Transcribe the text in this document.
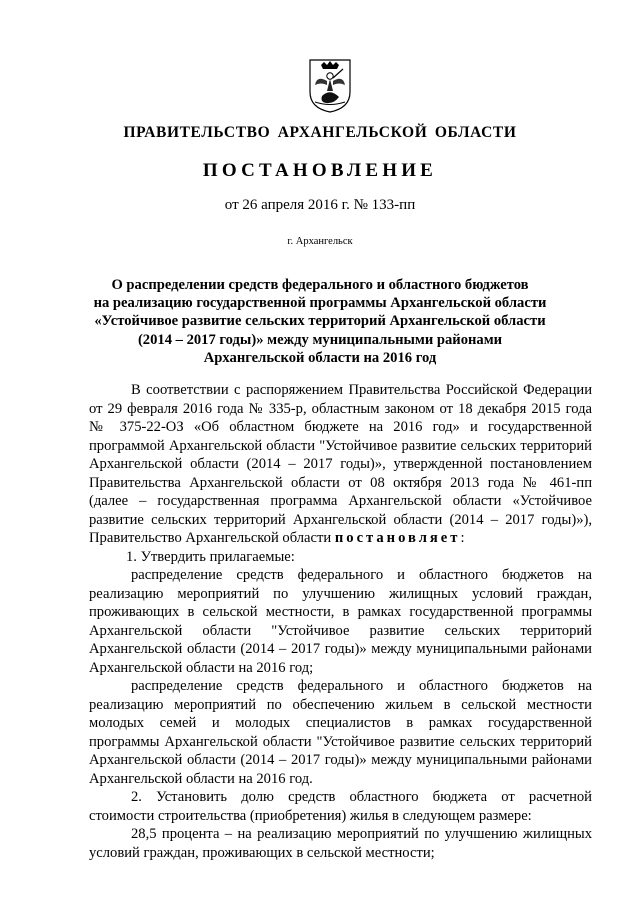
ПРАВИТЕЛЬСТВО АРХАНГЕЛЬСКОЙ ОБЛАСТИ
ПОСТАНОВЛЕНИЕ
от 26 апреля 2016 г. № 133-пп
г. Архангельск
О распределении средств федерального и областного бюджетов
на реализацию государственной программы Архангельской области
«Устойчивое развитие сельских территорий Архангельской области
(2014 – 2017 годы)» между муниципальными районами
Архангельской области на 2016 год
В соответствии с распоряжением Правительства Российской Федерации
от 29 февраля 2016 года № 335-р, областным законом от 18 декабря 2015 года
№ 375-22-ОЗ «Об областном бюджете на 2016 год» и государственной
программой Архангельской области "Устойчивое развитие сельских территорий
Архангельской области (2014 – 2017 годы)», утвержденной постановлением
Правительства Архангельской области от 08 октября 2013 года № 461-пп
(далее – государственная программа Архангельской области «Устойчивое
развитие сельских территорий Архангельской области (2014 – 2017 годы)»),
Правительство Архангельской области постановляет:
1. Утвердить прилагаемые:
распределение средств федерального и областного бюджетов на
реализацию мероприятий по улучшению жилищных условий граждан,
проживающих в сельской местности, в рамках государственной программы
Архангельской области "Устойчивое развитие сельских территорий
Архангельской области (2014 – 2017 годы)» между муниципальными районами
Архангельской области на 2016 год;
распределение средств федерального и областного бюджетов на
реализацию мероприятий по обеспечению жильем в сельской местности
молодых семей и молодых специалистов в рамках государственной
программы Архангельской области "Устойчивое развитие сельских территорий
Архангельской области (2014 – 2017 годы)» между муниципальными районами
Архангельской области на 2016 год.
2. Установить долю средств областного бюджета от расчетной
стоимости строительства (приобретения) жилья в следующем размере:
28,5 процента – на реализацию мероприятий по улучшению жилищных
условий граждан, проживающих в сельской местности;
